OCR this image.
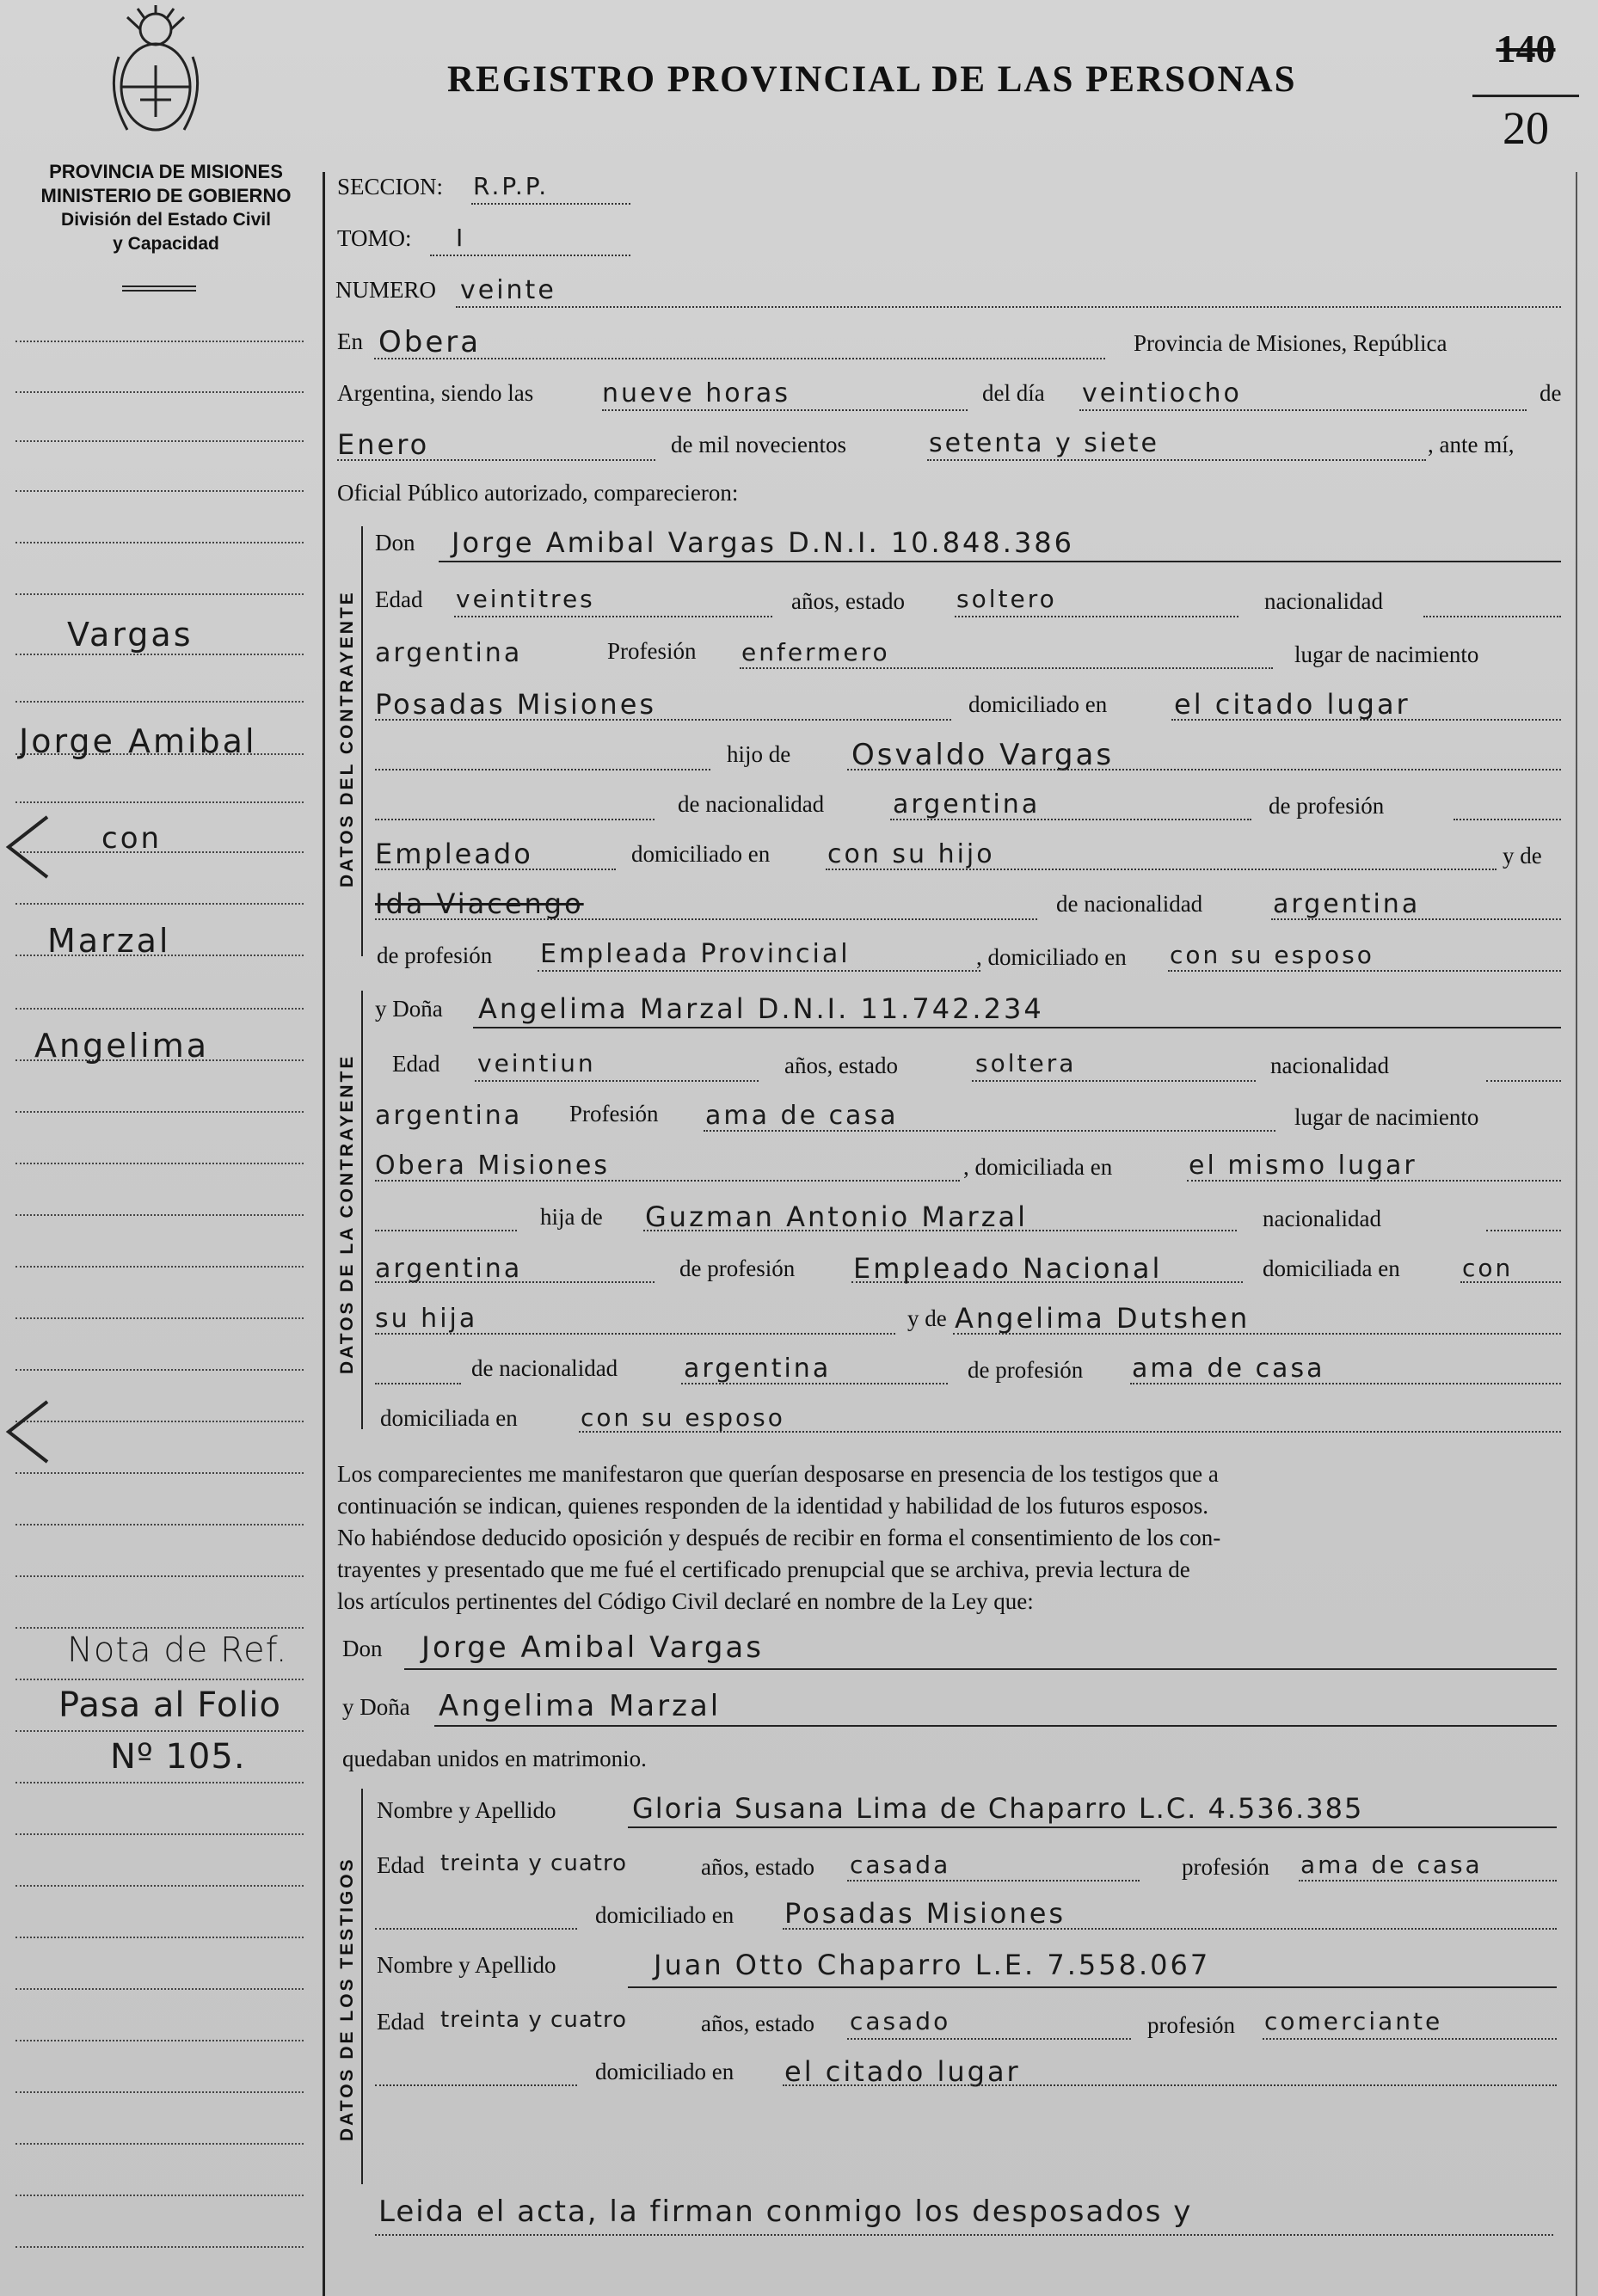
REGISTRO PROVINCIAL DE LAS PERSONAS
140
20
PROVINCIA DE MISIONES
MINISTERIO DE GOBIERNO
División del Estado Civil
y Capacidad
Vargas
Jorge Amibal
con
Marzal
Angelima
Nota de Ref.
Pasa al Folio
Nº 105.
SECCION: R.P.P.
TOMO: I
NUMERO veinte
En Obera	Provincia de Misiones, República
Argentina, siendo las	nueve horas	del día veintiocho	de
Enero	de mil novecientos	setenta y siete	, ante mí,
Oficial Público autorizado, comparecieron:
DATOS DEL CONTRAYENTE
Don Jorge Amibal Vargas D.N.I. 10.848.386
Edad veintitres	años, estado soltero	nacionalidad
argentina	Profesión enfermero	lugar de nacimiento
Posadas Misiones	domiciliado en el citado lugar
hijo de Osvaldo Vargas
de nacionalidad	argentina	de profesión
Empleado	domiciliado en con su hijo	y de
Ida Viacengo	de nacionalidad	argentina
de profesión Empleada Provincial	, domiciliado en con su esposo
DATOS DE LA CONTRAYENTE
y Doña Angelima Marzal D.N.I. 11.742.234
Edad veintiun	años, estado	soltera	nacionalidad
argentina Profesión ama de casa	lugar de nacimiento
Obera Misiones	, domiciliada en	el mismo lugar
hija de Guzman Antonio Marzal	nacionalidad
argentina	de profesión Empleado Nacional	domiciliada en	con
su hija	y de Angelima Dutshen
de nacionalidad	argentina	de profesión ama de casa
domiciliada en	con su esposo
Los comparecientes me manifestaron que querían desposarse en presencia de los testigos que a
continuación se indican, quienes responden de la identidad y habilidad de los futuros esposos.
No habiéndose deducido oposición y después de recibir en forma el consentimiento de los con-
trayentes y presentado que me fué el certificado prenupcial que se archiva, previa lectura de
los artículos pertinentes del Código Civil declaré en nombre de la Ley que:
Don Jorge Amibal Vargas
y Doña Angelima Marzal
quedaban unidos en matrimonio.
DATOS DE LOS TESTIGOS
Nombre y Apellido	Gloria Susana Lima de Chaparro L.C. 4.536.385
Edad treinta y cuatro	años, estado casada	profesión ama de casa
domiciliado en Posadas Misiones
Nombre y Apellido	Juan Otto Chaparro L.E. 7.558.067
Edad treinta y cuatro	años, estado casado	profesión comerciante
domiciliado en el citado lugar
Leida el acta, la firman conmigo los desposados y
